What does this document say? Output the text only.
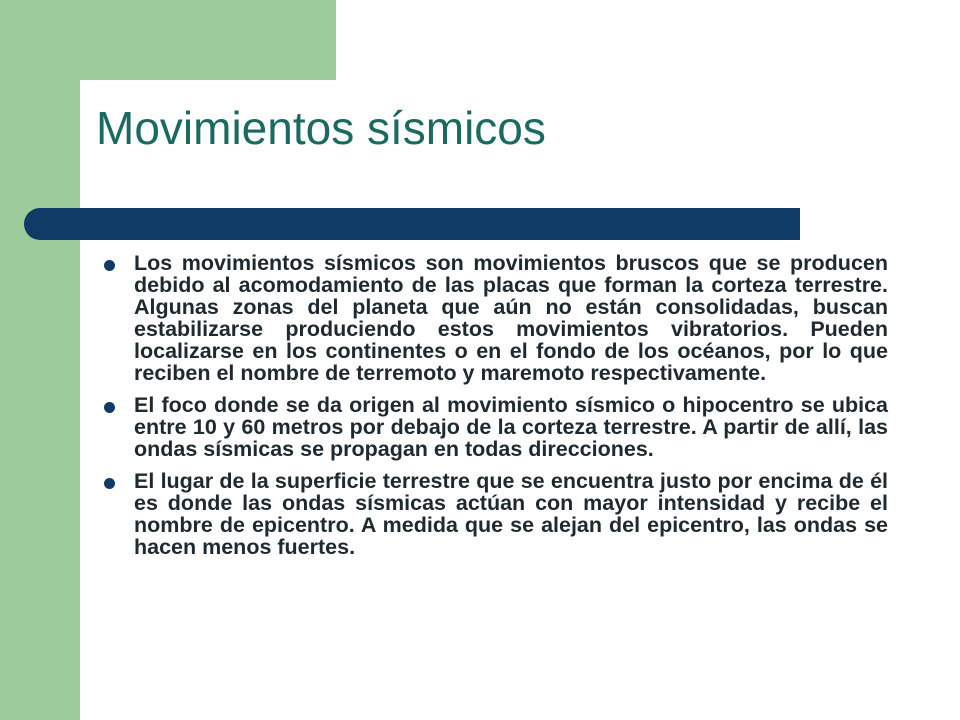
Movimientos sísmicos
Los movimientos sísmicos son movimientos bruscos que se producen debido al acomodamiento de las placas que forman la corteza terrestre. Algunas zonas del planeta que aún no están consolidadas, buscan estabilizarse produciendo estos movimientos vibratorios. Pueden localizarse en los continentes o en el fondo de los océanos, por lo que reciben el nombre de terremoto y maremoto respectivamente.
El foco donde se da origen al movimiento sísmico o hipocentro se ubica entre 10 y 60 metros por debajo de la corteza terrestre. A partir de allí, las ondas sísmicas se propagan en todas direcciones.
El lugar de la superficie terrestre que se encuentra justo por encima de él es donde las ondas sísmicas actúan con mayor intensidad y recibe el nombre de epicentro. A medida que se alejan del epicentro, las ondas se hacen menos fuertes.
